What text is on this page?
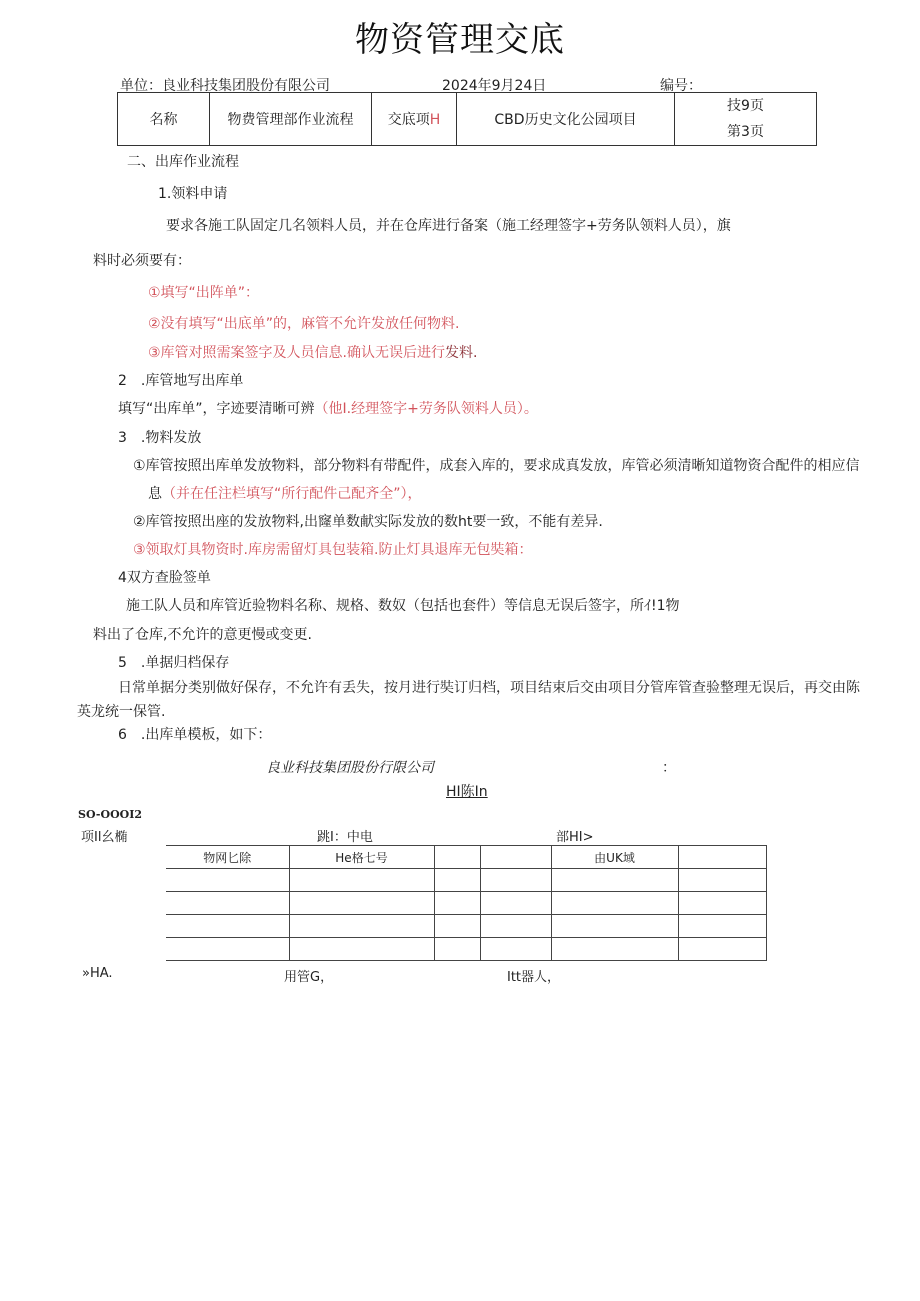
物资管理交底
单位：良业科技集团股份有限公司	2024年9月24日	编号：
名称	物费管理部作业流程	交底项H	CBD历史文化公园项目	
技9页
第3页
二、出库作业流程
1.领料申请
要求各施工队固定几名领料人员，并在仓库进行备案（施工经理签字+劳务队领料人员），旗
料时必须要有：
①填写“出阵单”：
②没有填写“出底单”的，麻管不允许发放任何物料.
③库管对照需案签字及人员信息.确认无误后进行发料.
2　.库管地写出库单
填写“出库单”，字迹要清晰可辨（他I.经理签字+劳务队领料人员）。
3　.物料发放
①库管按照出库单发放物料，部分物料有带配件，成套入库的，要求成真发放，库管必须清晰知道物资合配件的相应信
息（并在任注栏填写“所行配件己配齐全”），
②库管按照出座的发放物料,出窿单数献实际发放的数ht要一致，不能有差异.
③领取灯具物资时.库房需留灯具包装箱.防止灯具退库无包奘箱：
4双方查脸签单
施工队人员和库管近验物料名称、规格、数奴（包括也套件）等信息无误后签字，所ｲ!1物
料出了仓库,不允许的意更慢或变更.
5　.单据归档保存
日常单据分类别做好保存，不允许有丢失，按月进行奘订归档，项目结束后交由项目分管库管查验整理无误后，再交由陈
英龙统一保管.
6　.出库单模板，如下：
良业科技集团股份行限公司	：
HI陈In
SO-OOOI2
项Il幺椭	跳I：中电	部HI>
物网匕除	He格七号			由UK域	

»HA.	用管G，	Itt器人，
